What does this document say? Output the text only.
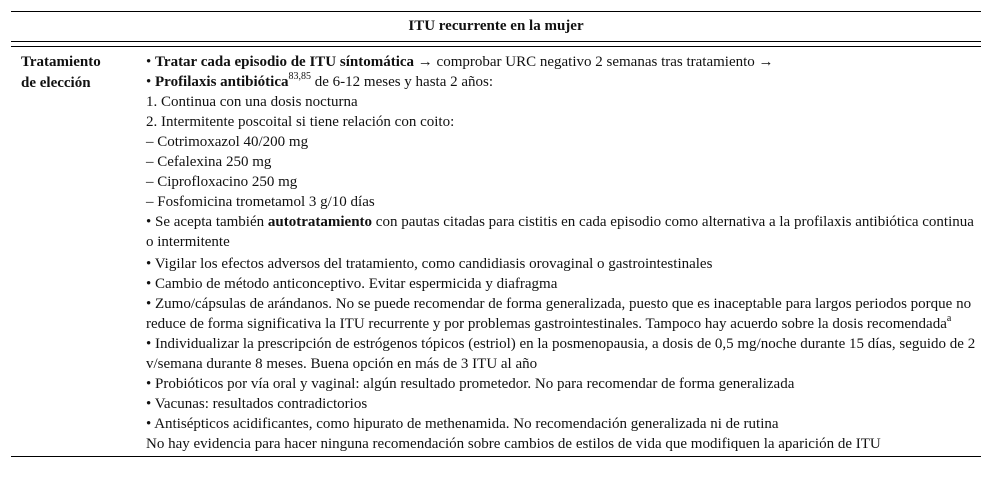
ITU recurrente en la mujer
Tratamiento
de elección
• Tratar cada episodio de ITU síntomática → comprobar URC negativo 2 semanas tras tratamiento →
• Profilaxis antibiótica$^{83,85}$ de 6-12 meses y hasta 2 años:
1. Continua con una dosis nocturna
2. Intermitente poscoital si tiene relación con coito:
– Cotrimoxazol 40/200 mg
– Cefalexina 250 mg
– Ciprofloxacino 250 mg
– Fosfomicina trometamol 3 g/10 días
• Se acepta también autotratamiento con pautas citadas para cistitis en cada episodio como alternativa a la profilaxis antibiótica continua o intermitente
• Vigilar los efectos adversos del tratamiento, como candidiasis orovaginal o gastrointestinales
• Cambio de método anticonceptivo. Evitar espermicida y diafragma
• Zumo/cápsulas de arándanos. No se puede recomendar de forma generalizada, puesto que es inaceptable para largos periodos porque no reduce de forma significativa la ITU recurrente y por problemas gastrointestinales. Tampoco hay acuerdo sobre la dosis recomendada$^a$
• Individualizar la prescripción de estrógenos tópicos (estriol) en la posmenopausia, a dosis de 0,5 mg/noche durante 15 días, seguido de 2 v/semana durante 8 meses. Buena opción en más de 3 ITU al año
• Probióticos por vía oral y vaginal: algún resultado prometedor. No para recomendar de forma generalizada
• Vacunas: resultados contradictorios
• Antisépticos acidificantes, como hipurato de methenamida. No recomendación generalizada ni de rutina
No hay evidencia para hacer ninguna recomendación sobre cambios de estilos de vida que modifiquen la aparición de ITU
